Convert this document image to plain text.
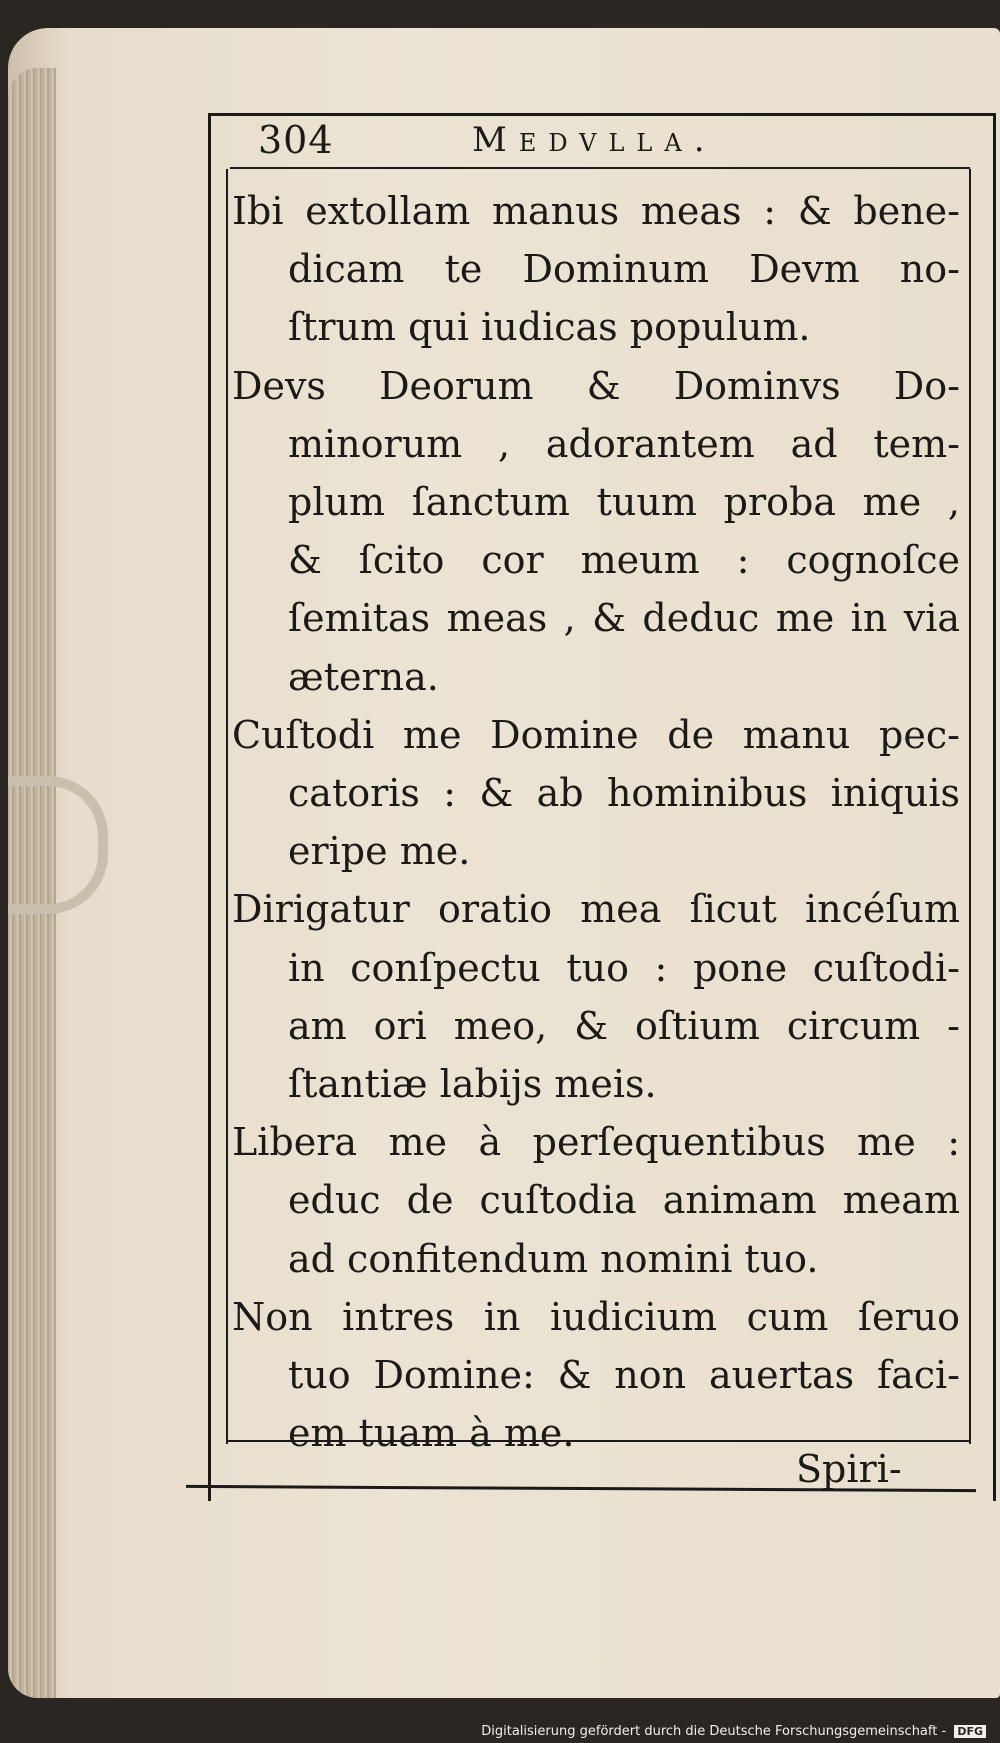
304	Medvlla.
Ibi extollam manus meas : & bene-
dicam te Dominum Devm no-
ſtrum qui iudicas populum.
Devs Deorum & Dominvs Do-
minorum , adorantem ad tem-
plum ſanctum tuum proba me ,
& ſcito cor meum : cognoſce
ſemitas meas , & deduc me in via
æterna.
Cuſtodi me Domine de manu pec-
catoris : & ab hominibus iniquis
eripe me.
Dirigatur oratio mea ſicut incéſum
in conſpectu tuo : pone cuſtodi-
am ori meo, & oſtium circum -
ſtantiæ labijs meis.
Libera me à perſequentibus me :
educ de cuſtodia animam meam
ad confitendum nomini tuo.
Non intres in iudicium cum ſeruo
tuo Domine: & non auertas faci-
em tuam à me.
Spiri-
Digitalisierung gefördert durch die Deutsche Forschungsgemeinschaft - DFG
